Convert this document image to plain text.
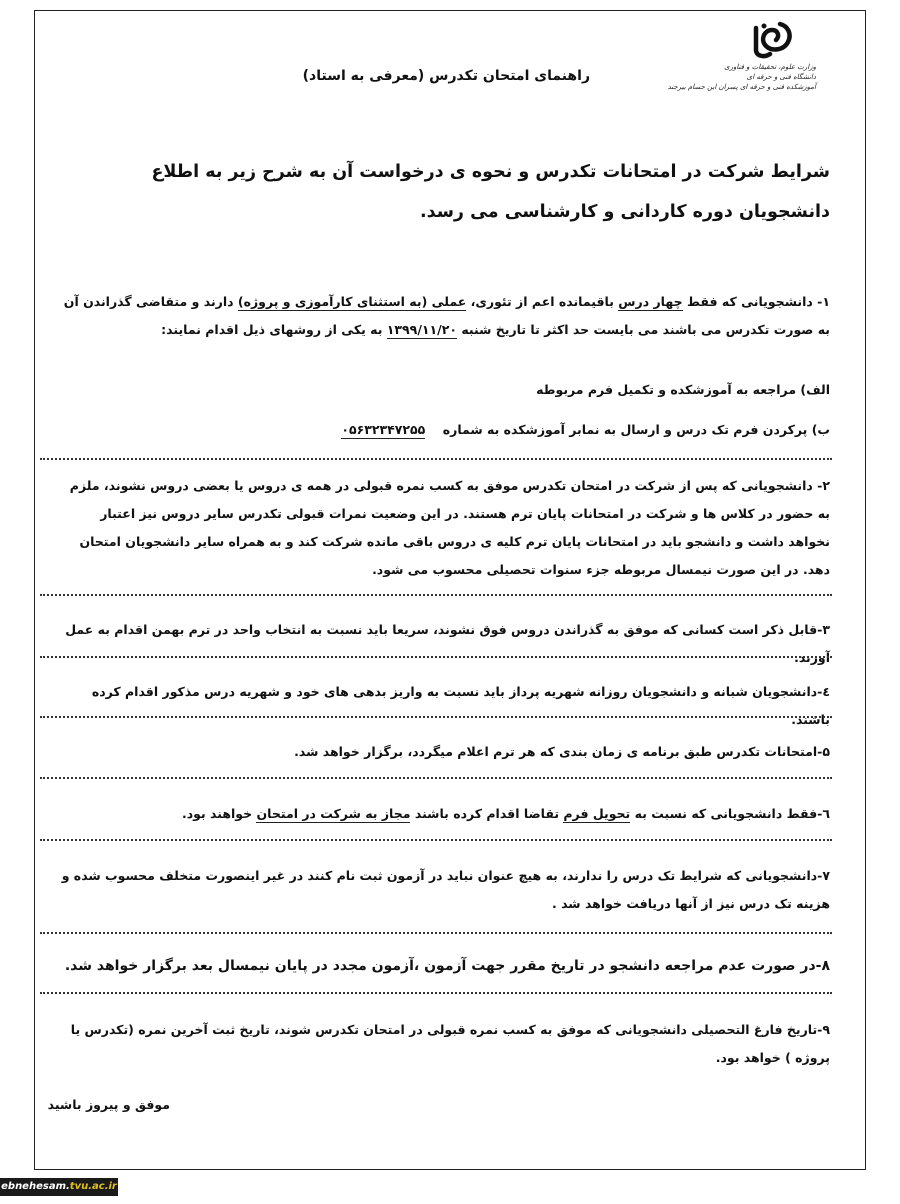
وزارت علوم، تحقیقات و فناوری
دانشگاه فنی و حرفه ای
آموزشکده فنی و حرفه ای پسران ابن حسام بیرجند
راهنمای امتحان تکدرس (معرفی به استاد)
شرایط شرکت در امتحانات تکدرس و نحوه ی درخواست آن به شرح زیر به اطلاع دانشجویان دوره کاردانی و کارشناسی می رسد.
۱- دانشجویانی که فقط چهار درس باقیمانده اعم از تئوری، عملی (به استثنای کارآموزی و پروژه) دارند و متقاضی گذراندن آن به صورت تکدرس می باشند می بایست حد اکثر تا تاریخ شنبه ۱۳۹۹/۱۱/۲۰ به یکی از روشهای ذیل اقدام نمایند:
الف) مراجعه به آموزشکده و تکمیل فرم مربوطه
ب) پرکردن فرم تک درس و ارسال به نمابر آموزشکده به شماره    ۰۵۶۳۲۳۴۷۲۵۵
۲- دانشجویانی که پس از شرکت در امتحان تکدرس موفق به کسب نمره قبولی در همه ی دروس یا بعضی دروس نشوند، ملزم به حضور در کلاس ها و شرکت در امتحانات پایان ترم هستند. در این وضعیت نمرات قبولی تکدرس سایر دروس نیز اعتبار نخواهد داشت و دانشجو باید در امتحانات پایان ترم کلیه ی دروس باقی مانده شرکت کند و به همراه سایر دانشجویان امتحان دهد. در این صورت نیمسال مربوطه جزء سنوات تحصیلی محسوب می شود.
۳-قابل ذکر است کسانی که موفق به گذراندن دروس فوق نشوند، سریعا باید نسبت به انتخاب واحد در ترم بهمن اقدام به عمل آورند.
٤-دانشجویان شبانه و دانشجویان روزانه شهریه پرداز باید نسبت به واریز بدهی های خود و شهریه درس مذکور اقدام کرده باشند.
۵-امتحانات تکدرس طبق برنامه ی زمان بندی که هر ترم اعلام میگردد، برگزار خواهد شد.
٦-فقط دانشجویانی که نسبت به تحویل فرم تقاضا اقدام کرده باشند مجاز به شرکت در امتحان خواهند بود.
۷-دانشجویانی که شرایط تک درس را ندارند، به هیچ عنوان نباید در آزمون ثبت نام کنند در غیر اینصورت متخلف محسوب شده و هزینه تک درس نیز از آنها دریافت خواهد شد .
۸-در صورت عدم مراجعه دانشجو در تاریخ مقرر جهت آزمون ،آزمون مجدد در پایان نیمسال بعد برگزار خواهد شد.
۹-تاریخ فارغ التحصیلی دانشجویانی که موفق به کسب نمره قبولی در امتحان تکدرس شوند، تاریخ ثبت آخرین نمره (تکدرس یا پروژه ) خواهد بود.
موفق و پیروز باشید
ebnehesam.tvu.ac.ir
